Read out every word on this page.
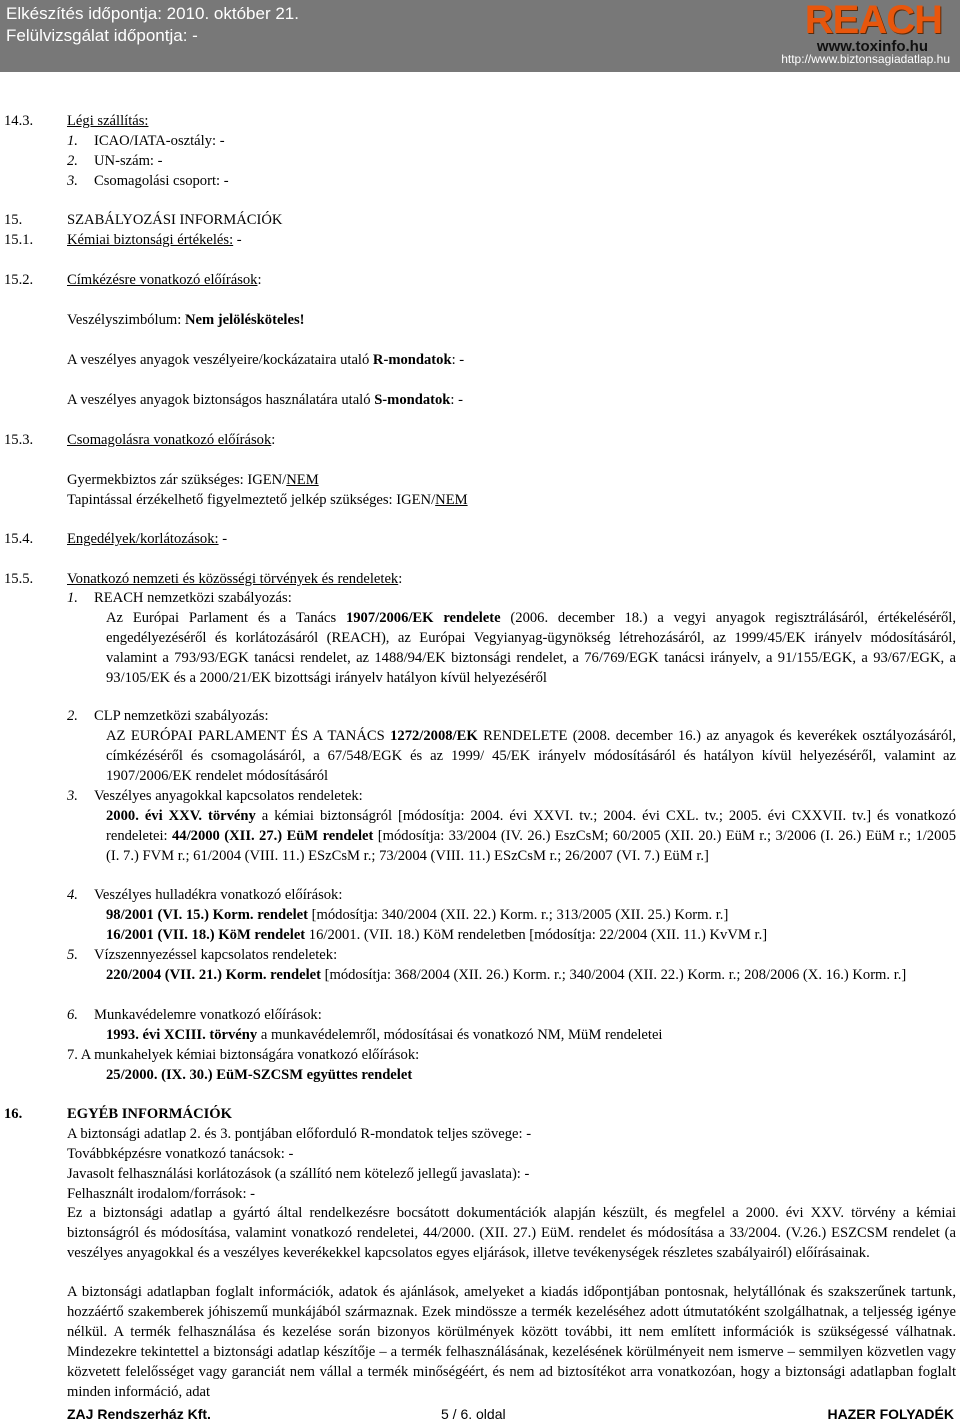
Elkészítés időpontja: 2010. október 21.
Felülvizsgálat időpontja: -	REACH
www.toxinfo.hu
http://www.biztonsagiadatlap.hu
14.3. Légi szállítás:
1. ICAO/IATA-osztály: -
2. UN-szám: -
3. Csomagolási csoport: -
15.	SZABÁLYOZÁSI INFORMÁCIÓK
15.1. Kémiai biztonsági értékelés: -
15.2. Címkézésre vonatkozó előírások:
Veszélyszimbólum: Nem jelölésköteles!
A veszélyes anyagok veszélyeire/kockázataira utaló R-mondatok: -
A veszélyes anyagok biztonságos használatára utaló S-mondatok: -
15.3. Csomagolásra vonatkozó előírások:
Gyermekbiztos zár szükséges: IGEN/NEM
Tapintással érzékelhető figyelmeztető jelkép szükséges: IGEN/NEM
15.4. Engedélyek/korlátozások: -
15.5. Vonatkozó nemzeti és közösségi törvények és rendeletek:
1. REACH nemzetközi szabályozás:
Az Európai Parlament és a Tanács 1907/2006/EK rendelete (2006. december 18.) a vegyi anyagok regisztrálásáról, értékeléséről, engedélyezéséről és korlátozásáról (REACH), az Európai Vegyianyag-ügynökség létrehozásáról, az 1999/45/EK irányelv módosításáról, valamint a 793/93/EGK tanácsi rendelet, az 1488/94/EK biztonsági rendelet, a 76/769/EGK tanácsi irányelv, a 91/155/EGK, a 93/67/EGK, a 93/105/EK és a 2000/21/EK bizottsági irányelv hatályon kívül helyezéséről
2. CLP nemzetközi szabályozás:
AZ EURÓPAI PARLAMENT ÉS A TANÁCS 1272/2008/EK RENDELETE (2008. december 16.) az anyagok és keverékek osztályozásáról, címkézéséről és csomagolásáról, a 67/548/EGK és az 1999/ 45/EK irányelv módosításáról és hatályon kívül helyezéséről, valamint az 1907/2006/EK rendelet módosításáról
3. Veszélyes anyagokkal kapcsolatos rendeletek:
2000. évi XXV. törvény a kémiai biztonságról [módosítja: 2004. évi XXVI. tv.; 2004. évi CXL. tv.; 2005. évi CXXVII. tv.] és vonatkozó rendeletei: 44/2000 (XII. 27.) EüM rendelet [módosítja: 33/2004 (IV. 26.) EszCsM; 60/2005 (XII. 20.) EüM r.; 3/2006 (I. 26.) EüM r.; 1/2005 (I. 7.) FVM r.; 61/2004 (VIII. 11.) ESzCsM r.; 73/2004 (VIII. 11.) ESzCsM r.; 26/2007 (VI. 7.) EüM r.]
4. Veszélyes hulladékra vonatkozó előírások:
98/2001 (VI. 15.) Korm. rendelet [módosítja: 340/2004 (XII. 22.) Korm. r.; 313/2005 (XII. 25.) Korm. r.]
16/2001 (VII. 18.) KöM rendelet 16/2001. (VII. 18.) KöM rendeletben [módosítja: 22/2004 (XII. 11.) KvVM r.]
5. Vízszennyezéssel kapcsolatos rendeletek:
220/2004 (VII. 21.) Korm. rendelet [módosítja: 368/2004 (XII. 26.) Korm. r.; 340/2004 (XII. 22.) Korm. r.; 208/2006 (X. 16.) Korm. r.]
6. Munkavédelemre vonatkozó előírások:
1993. évi XCIII. törvény a munkavédelemről, módosításai és vonatkozó NM, MüM rendeletei
7. A munkahelyek kémiai biztonságára vonatkozó előírások:
25/2000. (IX. 30.) EüM-SZCSM együttes rendelet
16.	EGYÉB INFORMÁCIÓK
A biztonsági adatlap 2. és 3. pontjában előforduló R-mondatok teljes szövege: -
Továbbképzésre vonatkozó tanácsok: -
Javasolt felhasználási korlátozások (a szállító nem kötelező jellegű javaslata): -
Felhasznált irodalom/források: -
Ez a biztonsági adatlap a gyártó által rendelkezésre bocsátott dokumentációk alapján készült, és megfelel a 2000. évi XXV. törvény a kémiai biztonságról és módosítása, valamint vonatkozó rendeletei, 44/2000. (XII. 27.) EüM. rendelet és módosítása a 33/2004. (V.26.) ESZCSM rendelet (a veszélyes anyagokkal és a veszélyes keverékekkel kapcsolatos egyes eljárások, illetve tevékenységek részletes szabályairól) előírásainak.
A biztonsági adatlapban foglalt információk, adatok és ajánlások, amelyeket a kiadás időpontjában pontosnak, helytállónak és szakszerűnek tartunk, hozzáértő szakemberek jóhiszemű munkájából származnak. Ezek mindössze a termék kezeléséhez adott útmutatóként szolgálhatnak, a teljesség igénye nélkül. A termék felhasználása és kezelése során bizonyos körülmények között további, itt nem említett információk is szükségessé válhatnak. Mindezekre tekintettel a biztonsági adatlap készítője – a termék felhasználásának, kezelésének körülményeit nem ismerve – semmilyen közvetlen vagy közvetett felelősséget vagy garanciát nem vállal a termék minőségéért, és nem ad biztosítékot arra vonatkozóan, hogy a biztonsági adatlapban foglalt minden információ, adat
ZAJ Rendszerház Kft.	5 / 6. oldal	HAZER FOLYADÉK
